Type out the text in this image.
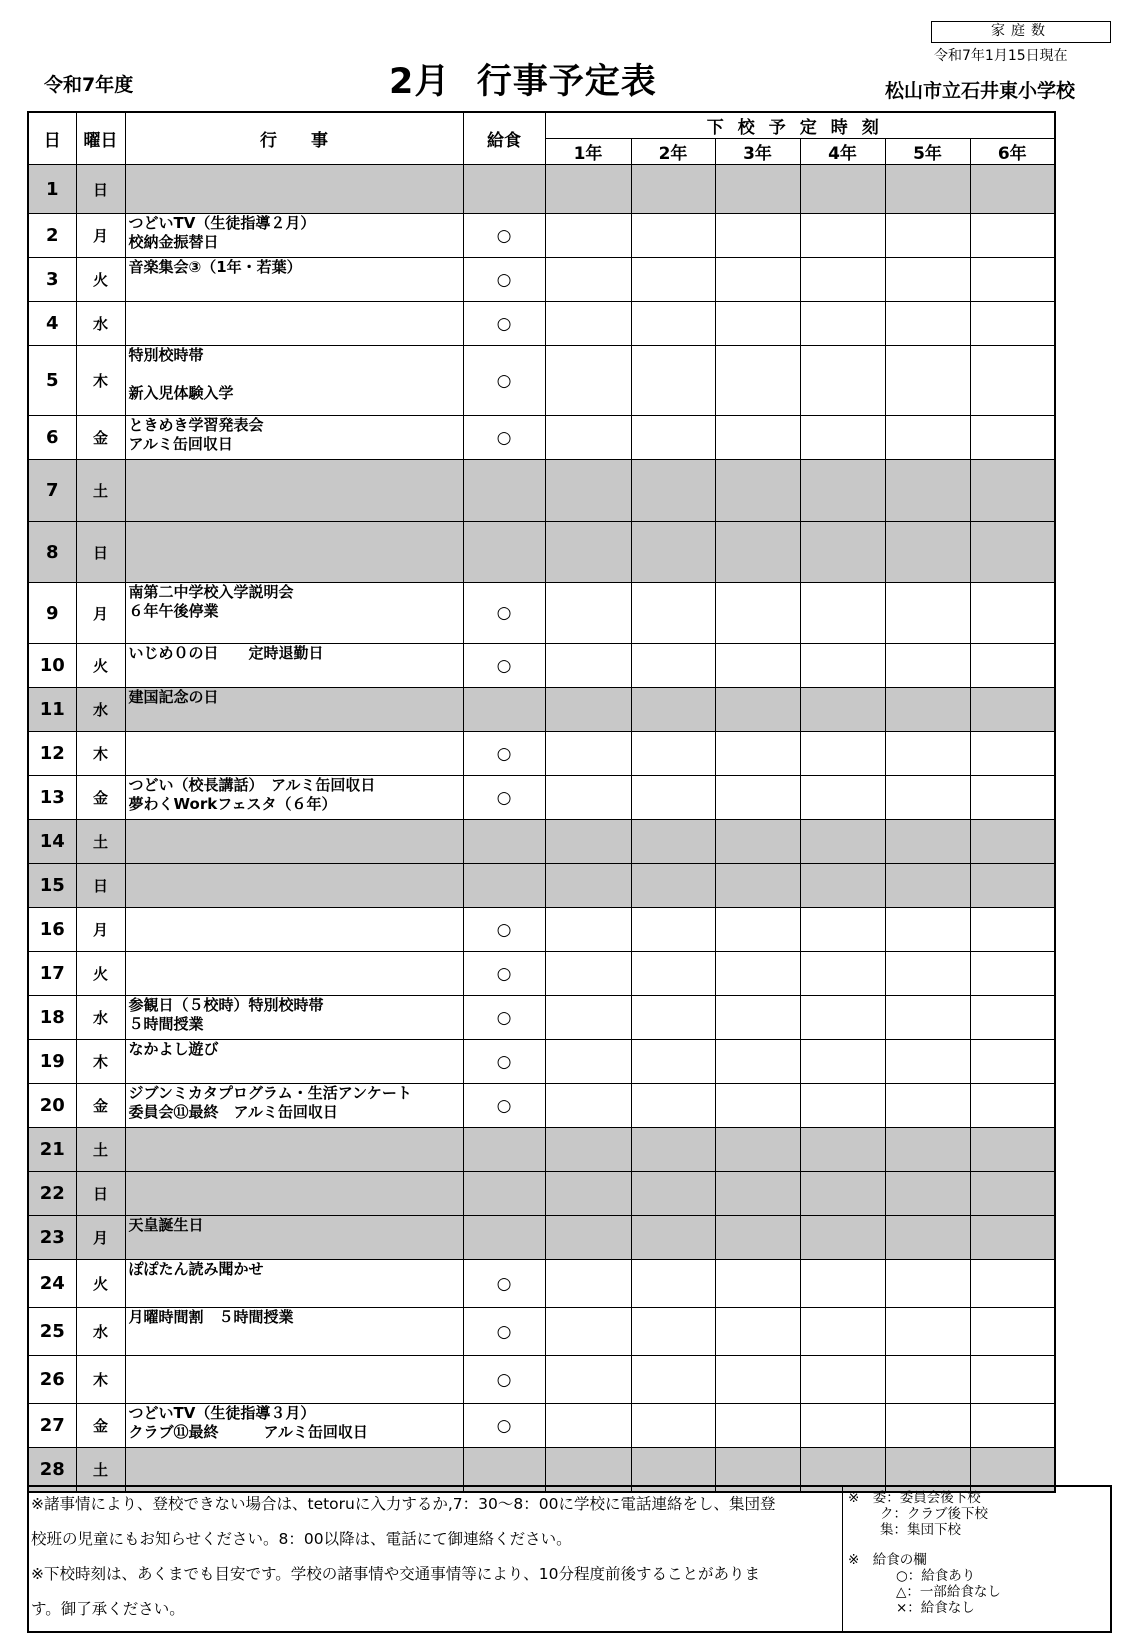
令和7年度	2月  行事予定表
家庭数
令和7年1月15日現在
松山市立石井東小学校
日	曜日	行　　事	給食	下校予定時刻					
				1年	2年	3年	4年	5年	6年
1	日								
2	月	つどいTV（生徒指導２月）
校納金振替日	○						
3	火	音楽集会③（1年・若葉）	○						
4	水		○						
5	木	特別校時帯
新入児体験入学	○						
6	金	ときめき学習発表会
アルミ缶回収日	○						
7	土								
8	日								
9	月	南第二中学校入学説明会
６年午後停業	○						
10	火	いじめ０の日　　定時退勤日	○						
11	水	建国記念の日							

12	木		○						
13	金	つどい（校長講話）　アルミ缶回収日
夢わくWorkフェスタ（６年）	○						
14	土								
15	日								
16	月		○						
17	火		○						
18	水	参観日（５校時）特別校時帯
５時間授業	○						
19	木	なかよし遊び	○						
20	金	ジブンミカタプログラム・生活アンケート
委員会⑪最終　アルミ缶回収日	○						
21	土								
22	日								
23	月	天皇誕生日							

24	火	ぽぽたん読み聞かせ	○						
25	水	月曜時間割　５時間授業	○						
26	木		○						
27	金	つどいTV（生徒指導３月）
クラブ⑪最終　　　アルミ缶回収日	○						
28	土								
※諸事情により、登校できない場合は、tetoruに入力するか,7：30～8：00に学校に電話連絡をし、集団登
校班の児童にもお知らせください。8：00以降は、電話にて御連絡ください。
※下校時刻は、あくまでも目安です。学校の諸事情や交通事情等により、10分程度前後することがありま
す。御了承ください。
※　委：委員会後下校
ク：クラブ後下校
集：集団下校
※　給食の欄
○：給食あり
△：一部給食なし
×：給食なし
